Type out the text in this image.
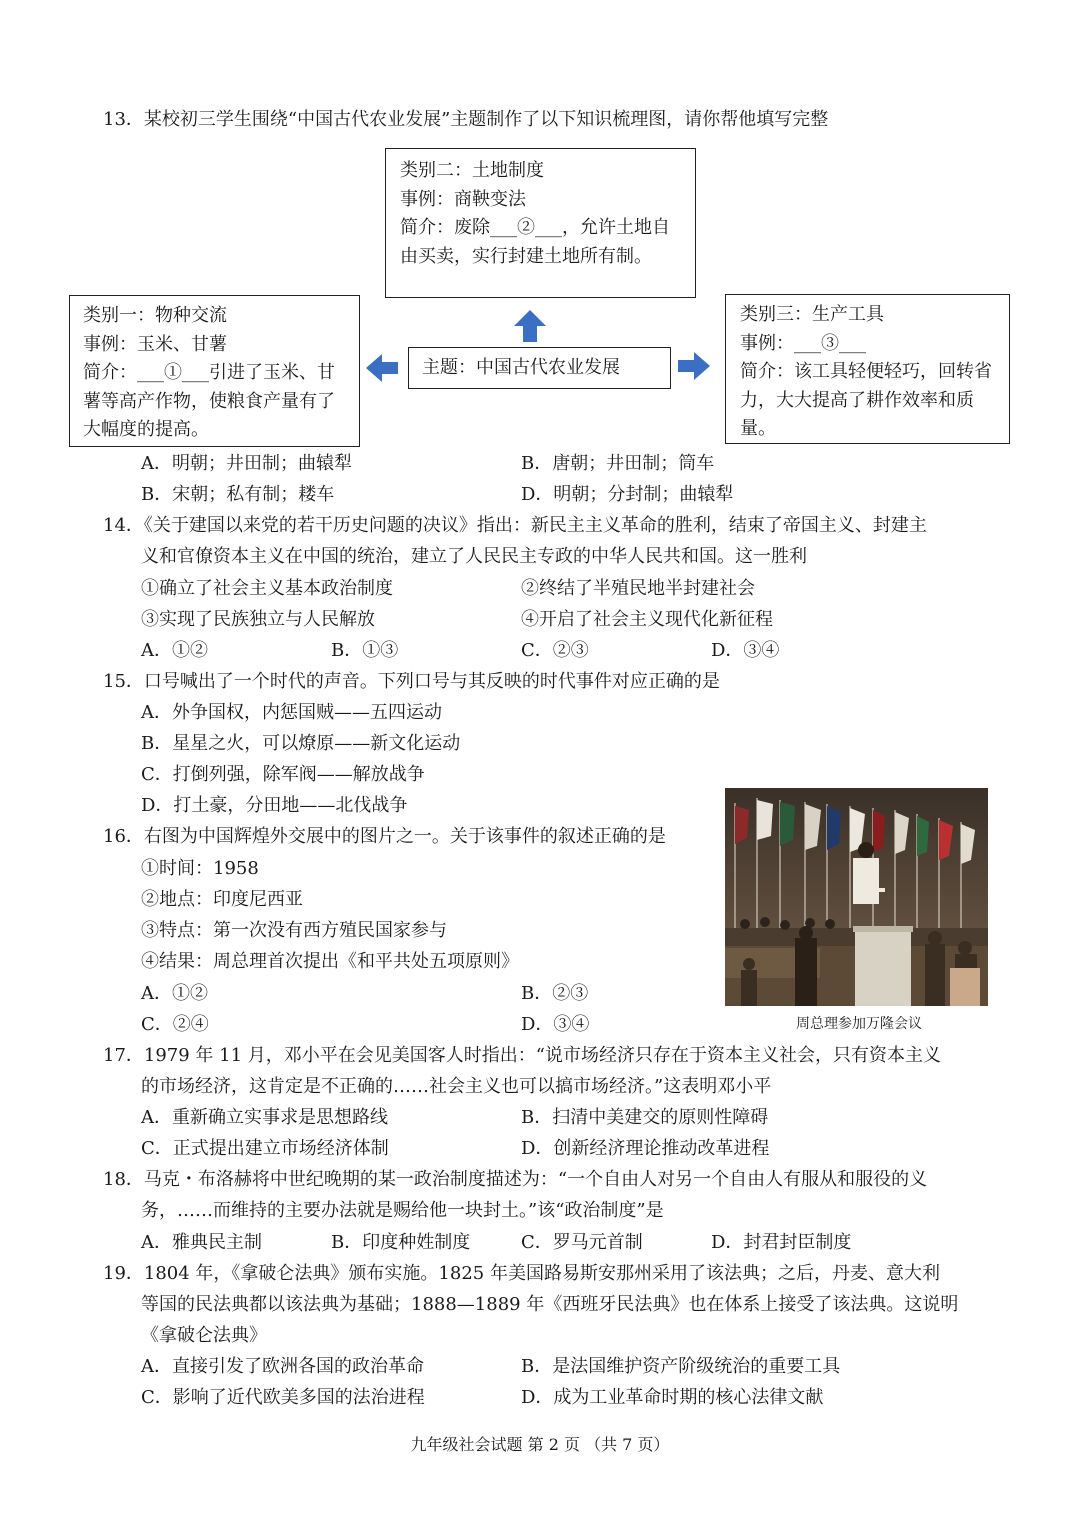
13．某校初三学生围绕“中国古代农业发展”主题制作了以下知识梳理图，请你帮他填写完整
类别二：土地制度
事例：商鞅变法
简介：废除___②___，允许土地自
由买卖，实行封建土地所有制。
类别一：物种交流
事例：玉米、甘薯
简介：___①___引进了玉米、甘
薯等高产作物，使粮食产量有了
大幅度的提高。
类别三：生产工具
事例：___③___
简介：该工具轻便轻巧，回转省
力，大大提高了耕作效率和质
量。
主题：中国古代农业发展
A．明朝；井田制；曲辕犁	B．唐朝；井田制；筒车
B．宋朝；私有制；耧车	D．明朝；分封制；曲辕犁
14．《关于建国以来党的若干历史问题的决议》指出：新民主主义革命的胜利，结束了帝国主义、封建主
义和官僚资本主义在中国的统治，建立了人民民主专政的中华人民共和国。这一胜利
①确立了社会主义基本政治制度	②终结了半殖民地半封建社会
③实现了民族独立与人民解放	④开启了社会主义现代化新征程
A．①②	B．①③	C．②③	D．③④
15．口号喊出了一个时代的声音。下列口号与其反映的时代事件对应正确的是
A．外争国权，内惩国贼——五四运动
B．星星之火，可以燎原——新文化运动
C．打倒列强，除军阀——解放战争
D．打土豪，分田地——北伐战争
16．右图为中国辉煌外交展中的图片之一。关于该事件的叙述正确的是
①时间：1958
②地点：印度尼西亚
③特点：第一次没有西方殖民国家参与
④结果：周总理首次提出《和平共处五项原则》
A．①②	B．②③
C．②④	D．③④	周总理参加万隆会议
17．1979 年 11 月，邓小平在会见美国客人时指出：“说市场经济只存在于资本主义社会，只有资本主义
的市场经济，这肯定是不正确的……社会主义也可以搞市场经济。”这表明邓小平
A．重新确立实事求是思想路线	B．扫清中美建交的原则性障碍
C．正式提出建立市场经济体制	D．创新经济理论推动改革进程
18．马克・布洛赫将中世纪晚期的某一政治制度描述为：“一个自由人对另一个自由人有服从和服役的义
务，……而维持的主要办法就是赐给他一块封土。”该“政治制度”是
A．雅典民主制	B．印度种姓制度	C．罗马元首制	D．封君封臣制度
19．1804 年，《拿破仑法典》颁布实施。1825 年美国路易斯安那州采用了该法典；之后，丹麦、意大利
等国的民法典都以该法典为基础；1888—1889 年《西班牙民法典》也在体系上接受了该法典。这说明
《拿破仑法典》
A．直接引发了欧洲各国的政治革命	B．是法国维护资产阶级统治的重要工具
C．影响了近代欧美多国的法治进程	D．成为工业革命时期的核心法律文献
九年级社会试题 第 2 页 （共 7 页）
